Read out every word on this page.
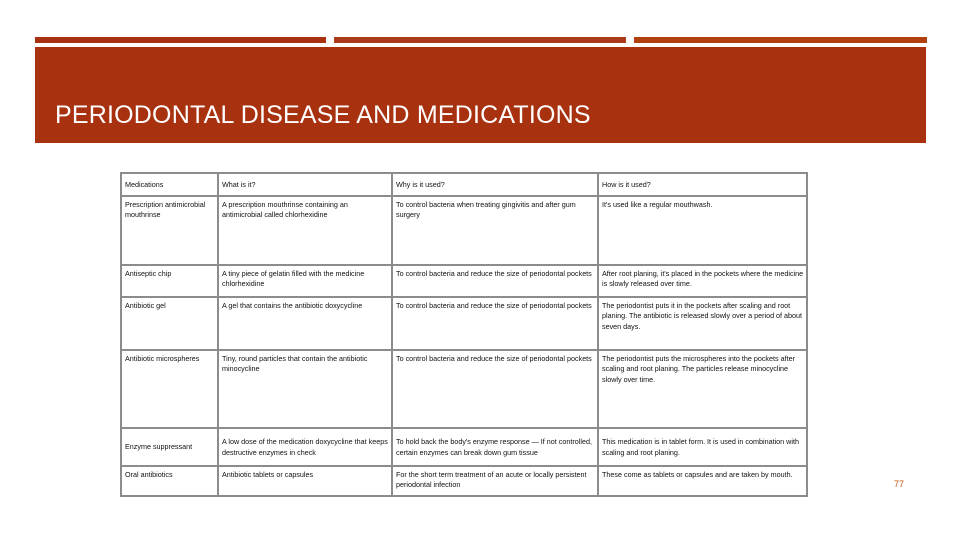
PERIODONTAL DISEASE AND MEDICATIONS
Medications	What is it?	Why is it used?	How is it used?
Prescription antimicrobial mouthrinse	A prescription mouthrinse containing an antimicrobial called chlorhexidine	To control bacteria when treating gingivitis and after gum surgery	It's used like a regular mouthwash.
Antiseptic chip	A tiny piece of gelatin filled with the medicine chlorhexidine	To control bacteria and reduce the size of periodontal pockets	After root planing, it's placed in the pockets where the medicine is slowly released over time.
Antibiotic gel	A gel that contains the antibiotic doxycycline	To control bacteria and reduce the size of periodontal pockets	The periodontist puts it in the pockets after scaling and root planing. The antibiotic is released slowly over a period of about seven days.
Antibiotic microspheres	Tiny, round particles that contain the antibiotic minocycline	To control bacteria and reduce the size of periodontal pockets	The periodontist puts the microspheres into the pockets after scaling and root planing. The particles release minocycline slowly over time.
Enzyme suppressant	A low dose of the medication doxycycline that keeps destructive enzymes in check	To hold back the body's enzyme response — If not controlled, certain enzymes can break down gum tissue	This medication is in tablet form. It is used in combination with scaling and root planing.
Oral antibiotics	Antibiotic tablets or capsules	For the short term treatment of an acute or locally persistent periodontal infection	These come as tablets or capsules and are taken by mouth.
77
